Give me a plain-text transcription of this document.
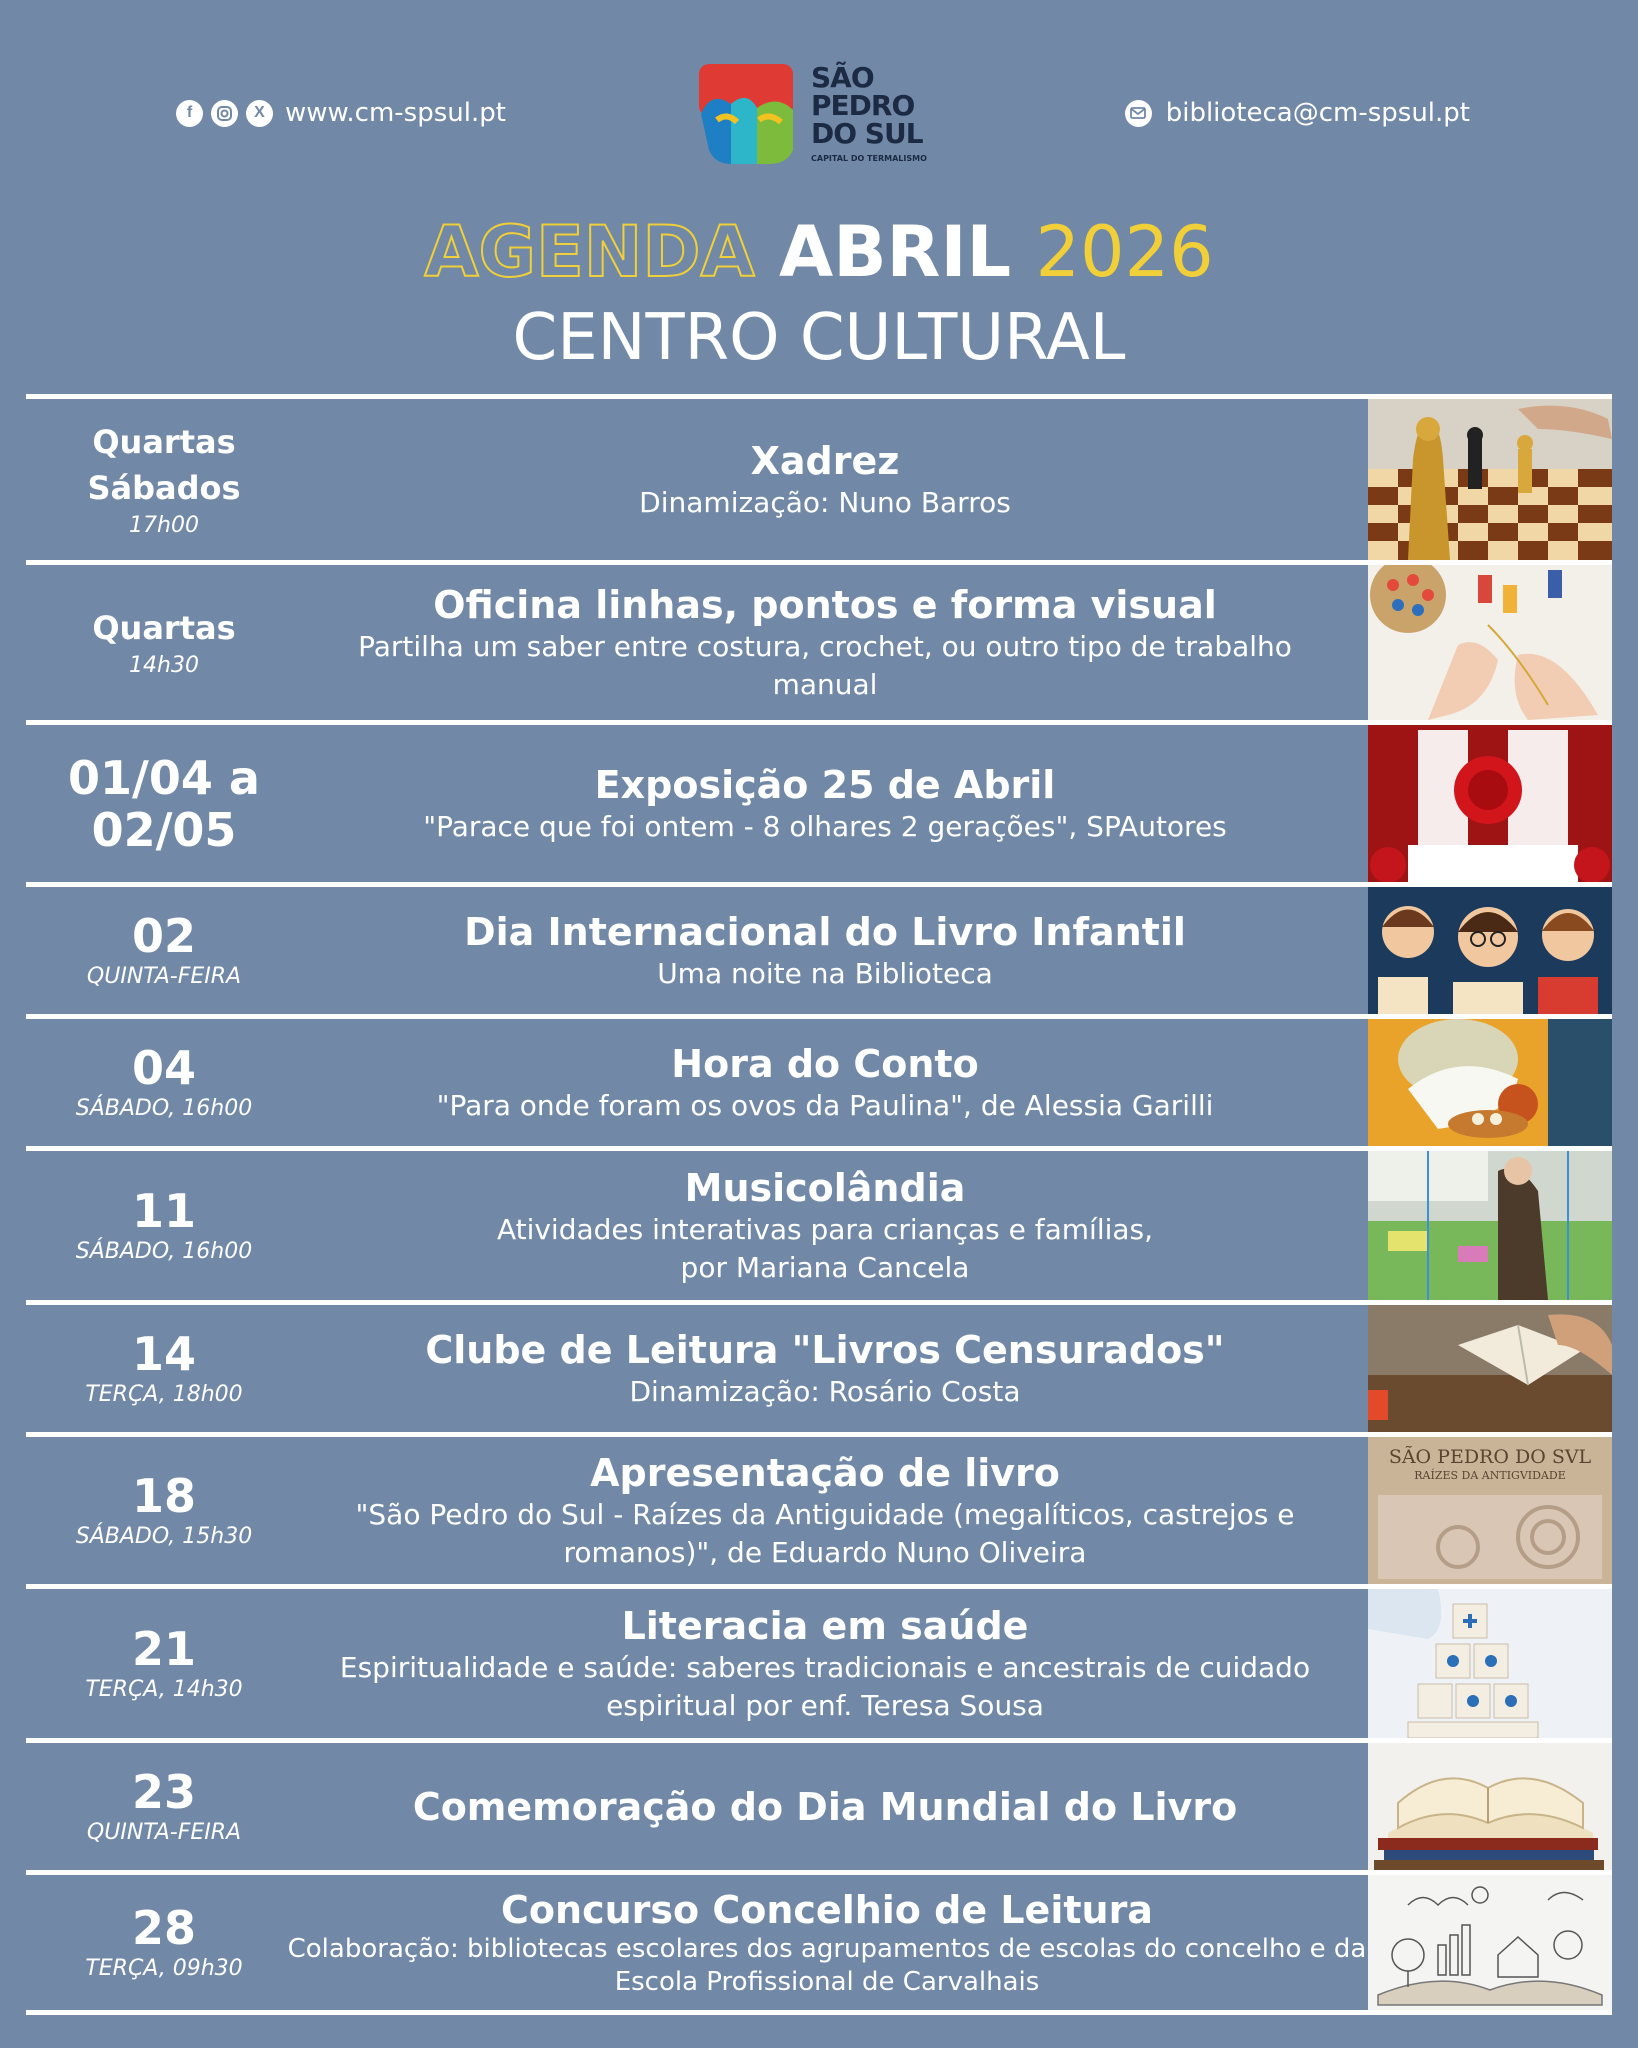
f	X www.cm-spsul.pt
SÃO
PEDRO
DO SUL
CAPITAL DO TERMALISMO
biblioteca@cm-spsul.pt
AGENDA ABRIL 2026
CENTRO CULTURAL
Quartas
Sábados
17h00
Xadrez
Dinamização: Nuno Barros
Quartas
14h30
Oficina linhas, pontos e forma visual
Partilha um saber entre costura, crochet, ou outro tipo de trabalho
manual
01/04 a
02/05
Exposição 25 de Abril
"Parace que foi ontem - 8 olhares 2 gerações", SPAutores
02
QUINTA-FEIRA
Dia Internacional do Livro Infantil
Uma noite na Biblioteca
04
SÁBADO, 16h00
Hora do Conto
"Para onde foram os ovos da Paulina", de Alessia Garilli
11
SÁBADO, 16h00
Musicolândia
Atividades interativas para crianças e famílias,
por Mariana Cancela
14
TERÇA, 18h00
Clube de Leitura "Livros Censurados"
Dinamização: Rosário Costa
18
SÁBADO, 15h30
Apresentação de livro
"São Pedro do Sul - Raízes da Antiguidade (megalíticos, castrejos e
romanos)", de Eduardo Nuno Oliveira
SÃO PEDRO DO SVL
RAÍZES DA ANTIGVIDADE
21
TERÇA, 14h30
Literacia em saúde
Espiritualidade e saúde: saberes tradicionais e ancestrais de cuidado
espiritual por enf. Teresa Sousa
23
QUINTA-FEIRA
Comemoração do Dia Mundial do Livro
28
TERÇA, 09h30
Concurso Concelhio de Leitura
Colaboração: bibliotecas escolares dos agrupamentos de escolas do concelho e da
Escola Profissional de Carvalhais
